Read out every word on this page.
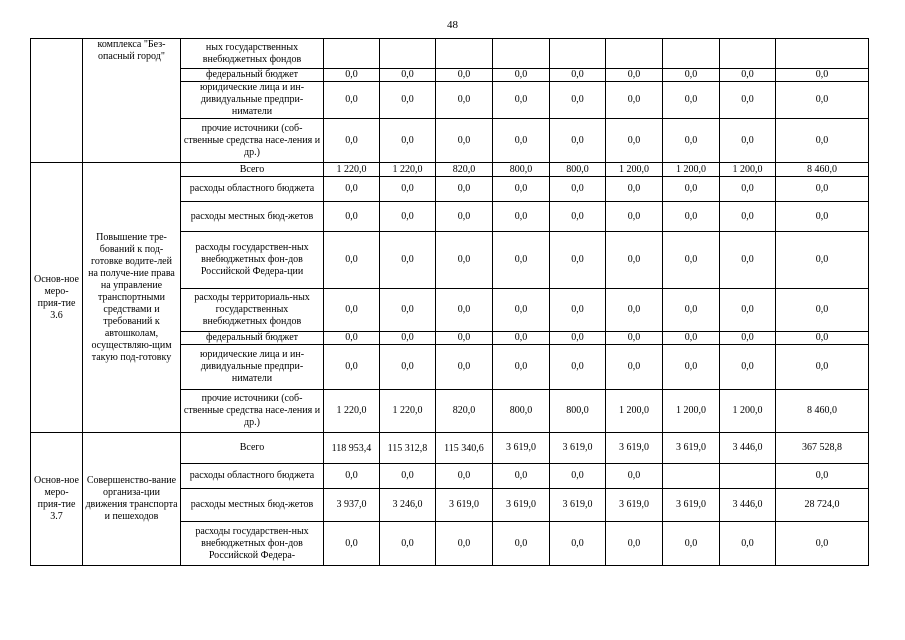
48
	комплекса "Без-опасный город"	ных государственных внебюджетных фондов									
		федеральный бюджет	0,0	0,0	0,0	0,0	0,0	0,0	0,0	0,0	0,0
		юридические лица и ин-дивидуальные предпри-ниматели	0,0	0,0	0,0	0,0	0,0	0,0	0,0	0,0	0,0
		прочие источники (соб-ственные средства насе-ления и др.)	0,0	0,0	0,0	0,0	0,0	0,0	0,0	0,0	0,0
Основ-ное меро-прия-тие 3.6	Повышение тре-бований к под-готовке водите-лей на получе-ние права на управление транспортными средствами и требований к автошколам, осуществляю-щим такую под-готовку	Всего	1 220,0	1 220,0	820,0	800,0	800,0	1 200,0	1 200,0	1 200,0	8 460,0
		расходы областного бюджета	0,0	0,0	0,0	0,0	0,0	0,0	0,0	0,0	0,0
		расходы местных бюд-жетов	0,0	0,0	0,0	0,0	0,0	0,0	0,0	0,0	0,0
		расходы государствен-ных внебюджетных фон-дов Российской Федера-ции	0,0	0,0	0,0	0,0	0,0	0,0	0,0	0,0	0,0
		расходы территориаль-ных государственных внебюджетных фондов	0,0	0,0	0,0	0,0	0,0	0,0	0,0	0,0	0,0
		федеральный бюджет	0,0	0,0	0,0	0,0	0,0	0,0	0,0	0,0	0,0
		юридические лица и ин-дивидуальные предпри-ниматели	0,0	0,0	0,0	0,0	0,0	0,0	0,0	0,0	0,0
		прочие источники (соб-ственные средства насе-ления и др.)	1 220,0	1 220,0	820,0	800,0	800,0	1 200,0	1 200,0	1 200,0	8 460,0
Основ-ное меро-прия-тие 3.7	Совершенство-вание организа-ции движения транспорта и пешеходов	Всего	118 953,4	115 312,8	115 340,6	3 619,0	3 619,0	3 619,0	3 619,0	3 446,0	367 528,8
		расходы областного бюджета	0,0	0,0	0,0	0,0	0,0	0,0			0,0
		расходы местных бюд-жетов	3 937,0	3 246,0	3 619,0	3 619,0	3 619,0	3 619,0	3 619,0	3 446,0	28 724,0
		расходы государствен-ных внебюджетных фон-дов Российской Федера-	0,0	0,0	0,0	0,0	0,0	0,0	0,0	0,0	0,0
